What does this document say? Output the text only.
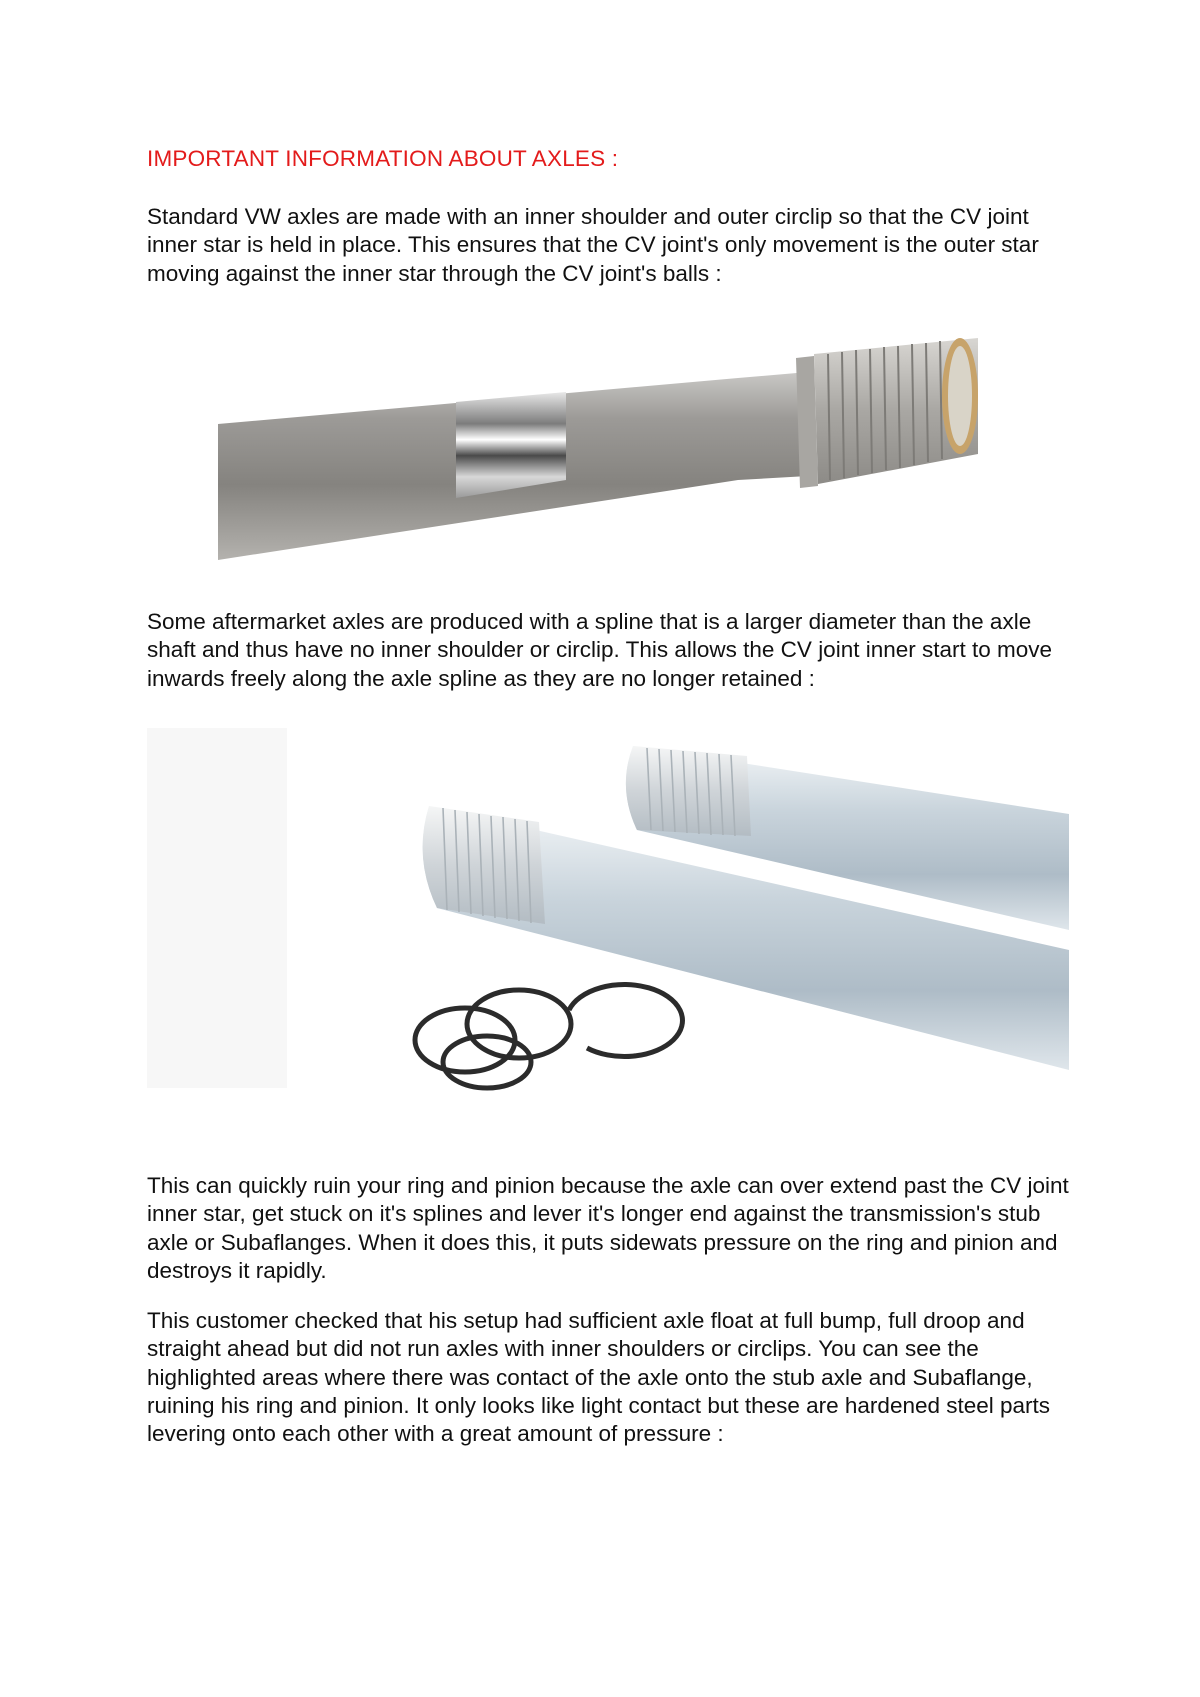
IMPORTANT INFORMATION ABOUT AXLES :

Standard VW axles are made with an inner shoulder and outer circlip so that the CV joint inner star is held in place. This ensures that the CV joint's only movement is the outer star moving against the inner star through the CV joint's balls :

Some aftermarket axles are produced with a spline that is a larger diameter than the axle shaft and thus have no inner shoulder or circlip. This allows the CV joint inner start to move inwards freely along the axle spline as they are no longer retained :

This can quickly ruin your ring and pinion because the axle can over extend past the CV joint inner star, get stuck on it's splines and lever it's longer end against the transmission's stub axle or Subaflanges. When it does this, it puts sidewats pressure on the ring and pinion and destroys it rapidly.

This customer checked that his setup had sufficient axle float at full bump, full droop and straight ahead but did not run axles with inner shoulders or circlips. You can see the highlighted areas where there was contact of the axle onto the stub axle and Subaflange, ruining his ring and pinion. It only looks like light contact but these are hardened steel parts levering onto each other with a great amount of pressure :
